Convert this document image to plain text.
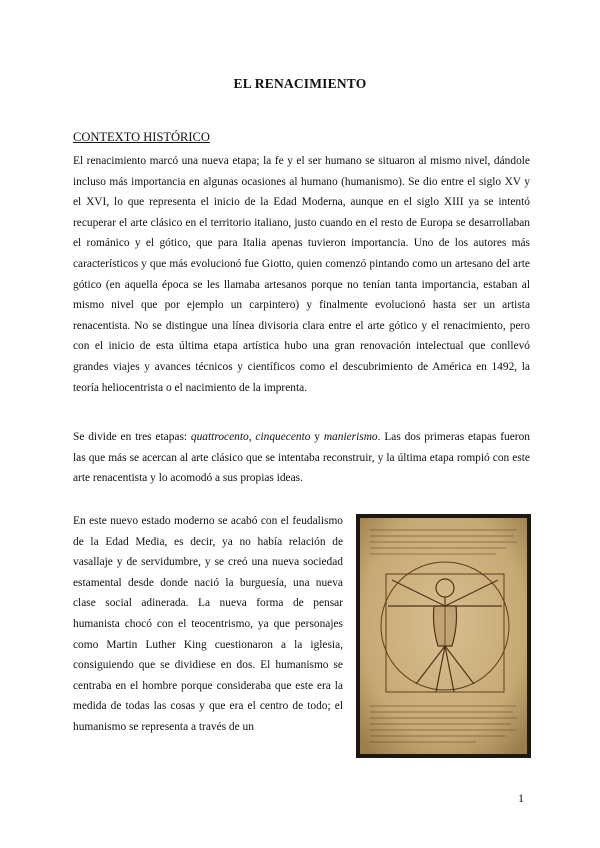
EL RENACIMIENTO
CONTEXTO HISTÓRICO

El renacimiento marcó una nueva etapa; la fe y el ser humano se situaron al mismo nivel, dándole incluso más importancia en algunas ocasiones al humano (humanismo). Se dio entre el siglo XV y el XVI, lo que representa el inicio de la Edad Moderna, aunque en el siglo XIII ya se intentó recuperar el arte clásico en el territorio italiano, justo cuando en el resto de Europa se desarrollaban el románico y el gótico, que para Italia apenas tuvieron importancia. Uno de los autores más característicos y que más evolucionó fue Giotto, quien comenzó pintando como un artesano del arte gótico (en aquella época se les llamaba artesanos porque no tenían tanta importancia, estaban al mismo nivel que por ejemplo un carpintero) y finalmente evolucionó hasta ser un artista renacentista. No se distingue una línea divisoria clara entre el arte gótico y el renacimiento, pero con el inicio de esta última etapa artística hubo una gran renovación intelectual que conllevó grandes viajes y avances técnicos y científicos como el descubrimiento de América en 1492, la teoría heliocentrista o el nacimiento de la imprenta.

Se divide en tres etapas: quattrocento, cinquecento y manierismo. Las dos primeras etapas fueron las que más se acercan al arte clásico que se intentaba reconstruir, y la última etapa rompió con este arte renacentista y lo acomodó a sus propias ideas.

En este nuevo estado moderno se acabó con el feudalismo de la Edad Media, es decir, ya no había relación de vasallaje y de servidumbre, y se creó una nueva sociedad estamental desde donde nació la burguesía, una nueva clase social adinerada. La nueva forma de pensar humanista chocó con el teocentrismo, ya que personajes como Martin Luther King cuestionaron a la iglesia, consiguiendo que se dividiese en dos. El humanismo se centraba en el hombre porque consideraba que este era la medida de todas las cosas y que era el centro de todo; el humanismo se representa a través de un

1
